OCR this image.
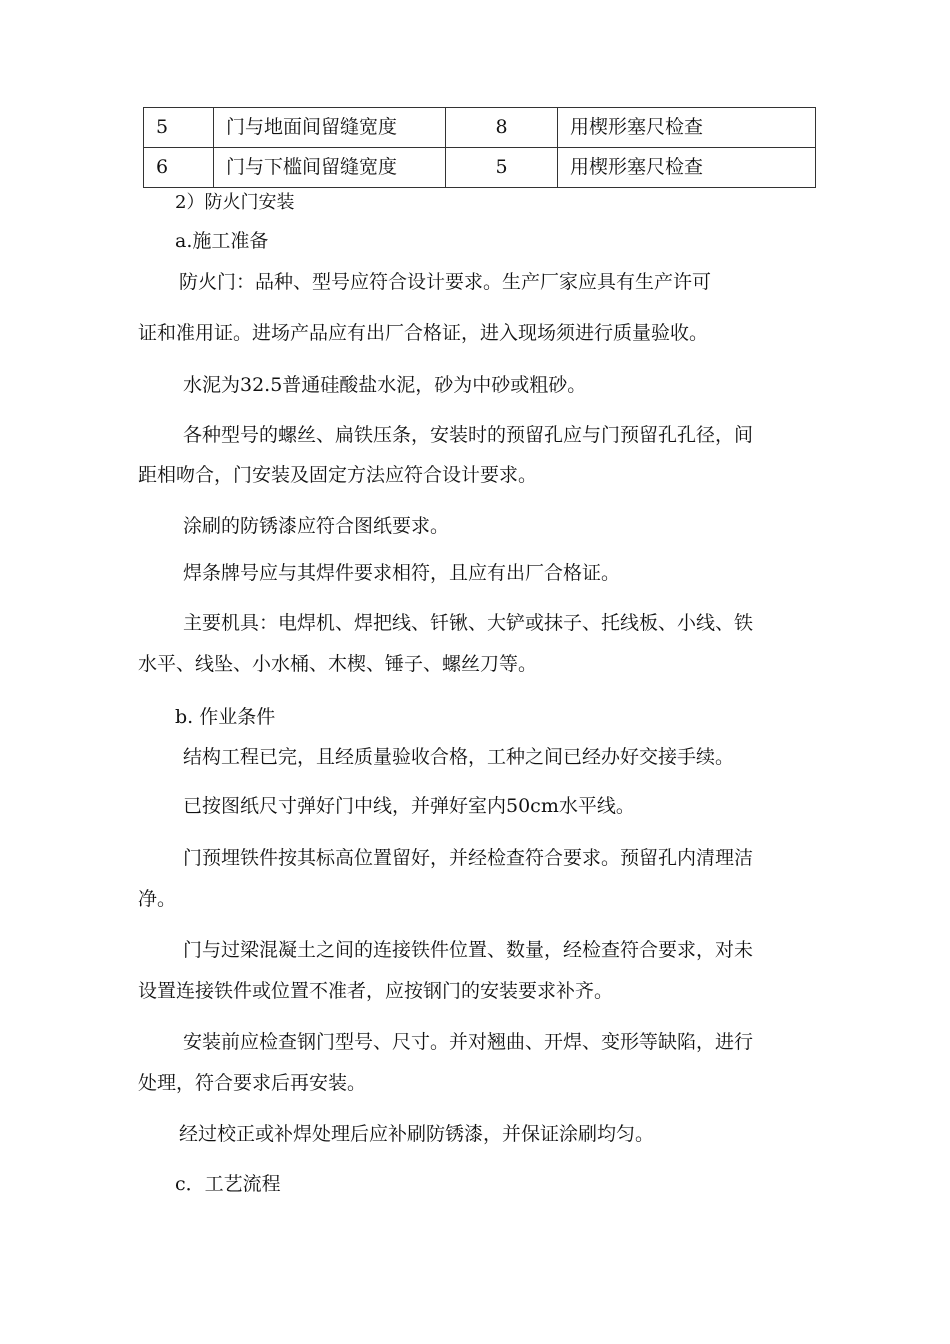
5	门与地面间留缝宽度	8	用楔形塞尺检查
6	门与下槛间留缝宽度	5	用楔形塞尺检查

2）防火门安装

a.施工准备

防火门：品种、型号应符合设计要求。生产厂家应具有生产许可

证和准用证。进场产品应有出厂合格证，进入现场须进行质量验收。

水泥为32.5普通硅酸盐水泥，砂为中砂或粗砂。

各种型号的螺丝、扁铁压条，安装时的预留孔应与门预留孔孔径，间

距相吻合，门安装及固定方法应符合设计要求。

涂刷的防锈漆应符合图纸要求。

焊条牌号应与其焊件要求相符，且应有出厂合格证。

主要机具：电焊机、焊把线、钎锹、大铲或抹子、托线板、小线、铁

水平、线坠、小水桶、木楔、锤子、螺丝刀等。

b. 作业条件

结构工程已完，且经质量验收合格，工种之间已经办好交接手续。

已按图纸尺寸弹好门中线，并弹好室内50cm水平线。

门预埋铁件按其标高位置留好，并经检查符合要求。预留孔内清理洁

净。

门与过梁混凝土之间的连接铁件位置、数量，经检查符合要求，对未

设置连接铁件或位置不准者，应按钢门的安装要求补齐。

安装前应检查钢门型号、尺寸。并对翘曲、开焊、变形等缺陷，进行

处理，符合要求后再安装。

经过校正或补焊处理后应补刷防锈漆，并保证涂刷均匀。

c．工艺流程
